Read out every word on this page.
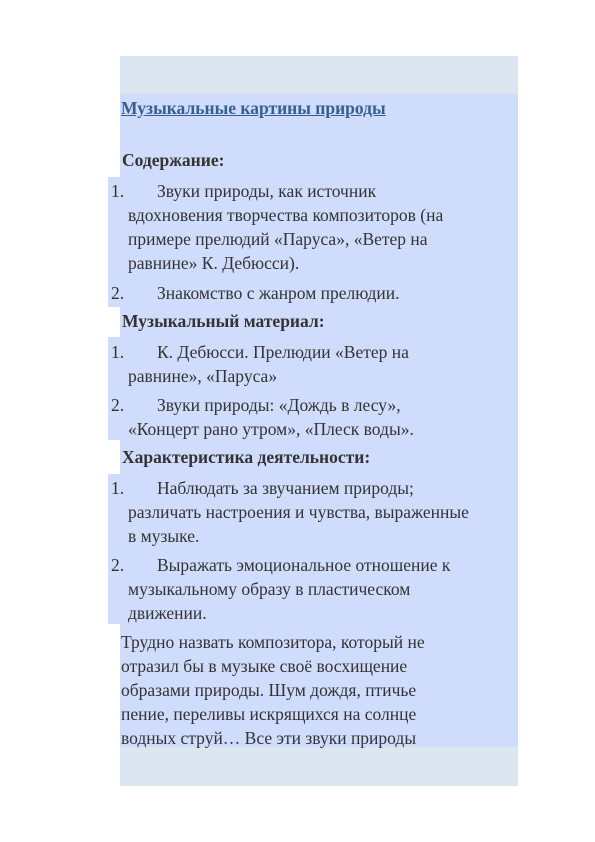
Музыкальные картины природы
Содержание:
1. Звуки природы, как источник

вдохновения творчества композиторов (на

примере прелюдий «Паруса», «Ветер на

равнине» К. Дебюсси).

2. Знакомство с жанром прелюдии.

Музыкальный материал:
1. К. Дебюсси. Прелюдии «Ветер на

равнине», «Паруса»

2. Звуки природы: «Дождь в лесу»,

«Концерт рано утром», «Плеск воды».

Характеристика деятельности:
1. Наблюдать за звучанием природы;

различать настроения и чувства, выраженные

в музыке.

2. Выражать эмоциональное отношение к

музыкальному образу в пластическом

движении.

Трудно назвать композитора, который не

отразил бы в музыке своё восхищение

образами природы. Шум дождя, птичье

пение, переливы искрящихся на солнце

водных струй… Все эти звуки природы
